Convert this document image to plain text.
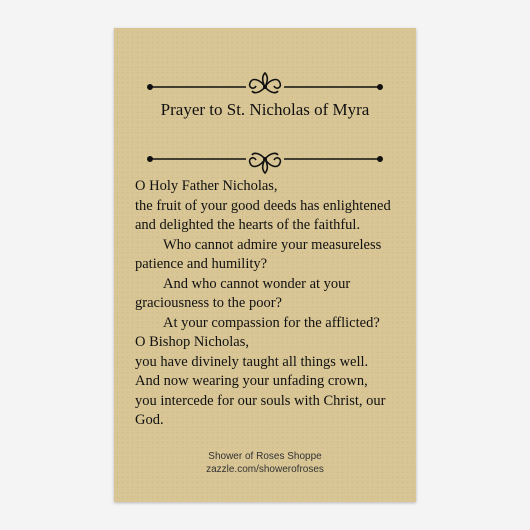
Prayer to St. Nicholas of Myra
O Holy Father Nicholas,
the fruit of your good deeds has enlightened
and delighted the hearts of the faithful.
Who cannot admire your measureless
patience and humility?
And who cannot wonder at your
graciousness to the poor?
At your compassion for the afflicted?
O Bishop Nicholas,
you have divinely taught all things well.
And now wearing your unfading crown,
you intercede for our souls with Christ, our
God.
Shower of Roses Shoppe
zazzle.com/showerofroses
